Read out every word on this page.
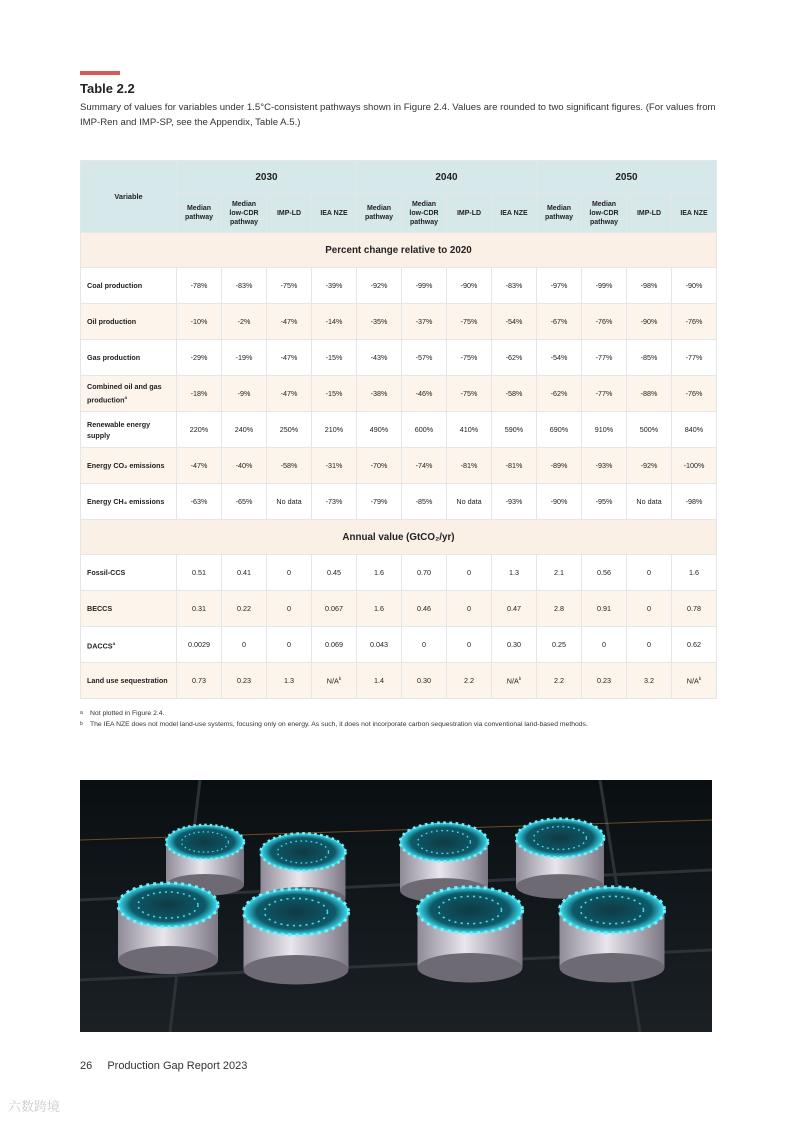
Table 2.2
Summary of values for variables under 1.5°C-consistent pathways shown in Figure 2.4. Values are rounded to two significant figures. (For values from IMP-Ren and IMP-SP, see the Appendix, Table A.5.)
Variable	2030				2040				2050			
	Median pathway	Median low-CDR pathway	IMP-LD	IEA NZE	Median pathway	Median low-CDR pathway	IMP-LD	IEA NZE	Median pathway	Median low-CDR pathway	IMP-LD	IEA NZE
Percent change relative to 2020												
Coal production	-78%	-83%	-75%	-39%	-92%	-99%	-90%	-83%	-97%	-99%	-98%	-90%
Oil production	-10%	-2%	-47%	-14%	-35%	-37%	-75%	-54%	-67%	-76%	-90%	-76%
Gas production	-29%	-19%	-47%	-15%	-43%	-57%	-75%	-62%	-54%	-77%	-85%	-77%
Combined oil and gas production$^a$	-18%	-9%	-47%	-15%	-38%	-46%	-75%	-58%	-62%	-77%	-88%	-76%
Renewable energy supply	220%	240%	250%	210%	490%	600%	410%	590%	690%	910%	500%	840%
Energy CO₂ emissions	-47%	-40%	-58%	-31%	-70%	-74%	-81%	-81%	-89%	-93%	-92%	-100%
Energy CH₄ emissions	-63%	-65%	No data	-73%	-79%	-85%	No data	-93%	-90%	-95%	No data	-98%
Annual value (GtCO₂/yr)												
Fossil-CCS	0.51	0.41	0	0.45	1.6	0.70	0	1.3	2.1	0.56	0	1.6
BECCS	0.31	0.22	0	0.067	1.6	0.46	0	0.47	2.8	0.91	0	0.78
DACCS$^a$	0.0029	0	0	0.069	0.043	0	0	0.30	0.25	0	0	0.62
Land use sequestration	0.73	0.23	1.3	$N/A^b$	1.4	0.30	2.2	$N/A^b$	2.2	0.23	3.2	$N/A^b$
a	Not plotted in Figure 2.4.
b	The IEA NZE does not model land-use systems, focusing only on energy. As such, it does not incorporate carbon sequestration via conventional land-based methods.
26 Production Gap Report 2023
六数跨境
